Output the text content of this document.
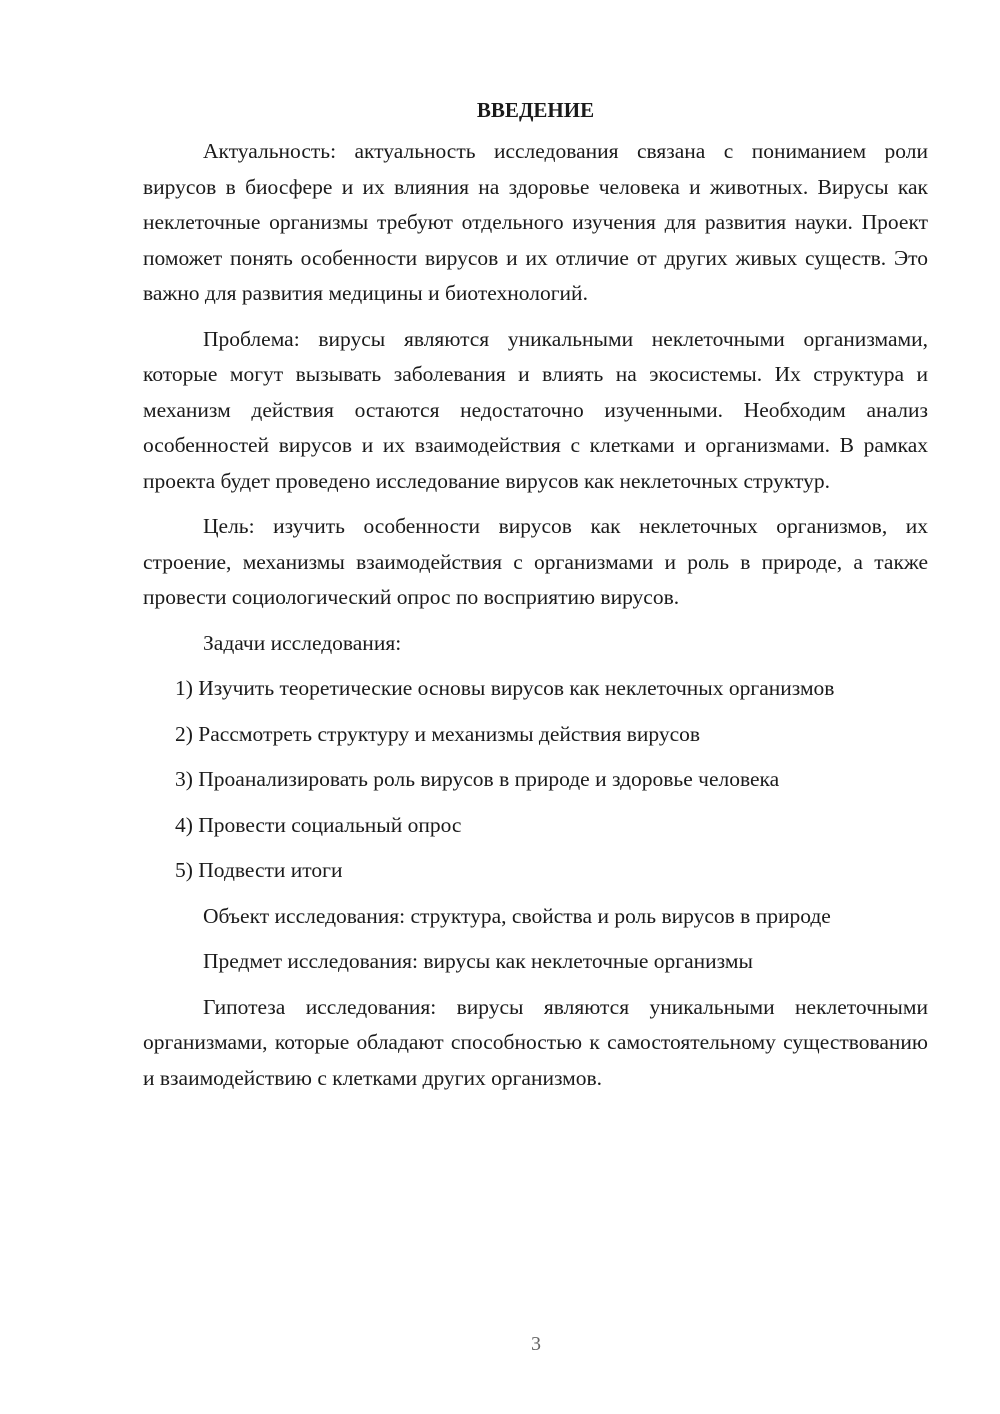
ВВЕДЕНИЕ

Актуальность: актуальность исследования связана с пониманием роли вирусов в биосфере и их влияния на здоровье человека и животных. Вирусы как неклеточные организмы требуют отдельного изучения для развития науки. Проект поможет понять особенности вирусов и их отличие от других живых существ. Это важно для развития медицины и биотехнологий.

Проблема: вирусы являются уникальными неклеточными организмами, которые могут вызывать заболевания и влиять на экосистемы. Их структура и механизм действия остаются недостаточно изученными. Необходим анализ особенностей вирусов и их взаимодействия с клетками и организмами. В рамках проекта будет проведено исследование вирусов как неклеточных структур.

Цель: изучить особенности вирусов как неклеточных организмов, их строение, механизмы взаимодействия с организмами и роль в природе, а также провести социологический опрос по восприятию вирусов.

Задачи исследования:

1) Изучить теоретические основы вирусов как неклеточных организмов

2) Рассмотреть структуру и механизмы действия вирусов

3) Проанализировать роль вирусов в природе и здоровье человека

4) Провести социальный опрос

5) Подвести итоги

Объект исследования: структура, свойства и роль вирусов в природе

Предмет исследования: вирусы как неклеточные организмы

Гипотеза исследования: вирусы являются уникальными неклеточными организмами, которые обладают способностью к самостоятельному существованию и взаимодействию с клетками других организмов.

3
